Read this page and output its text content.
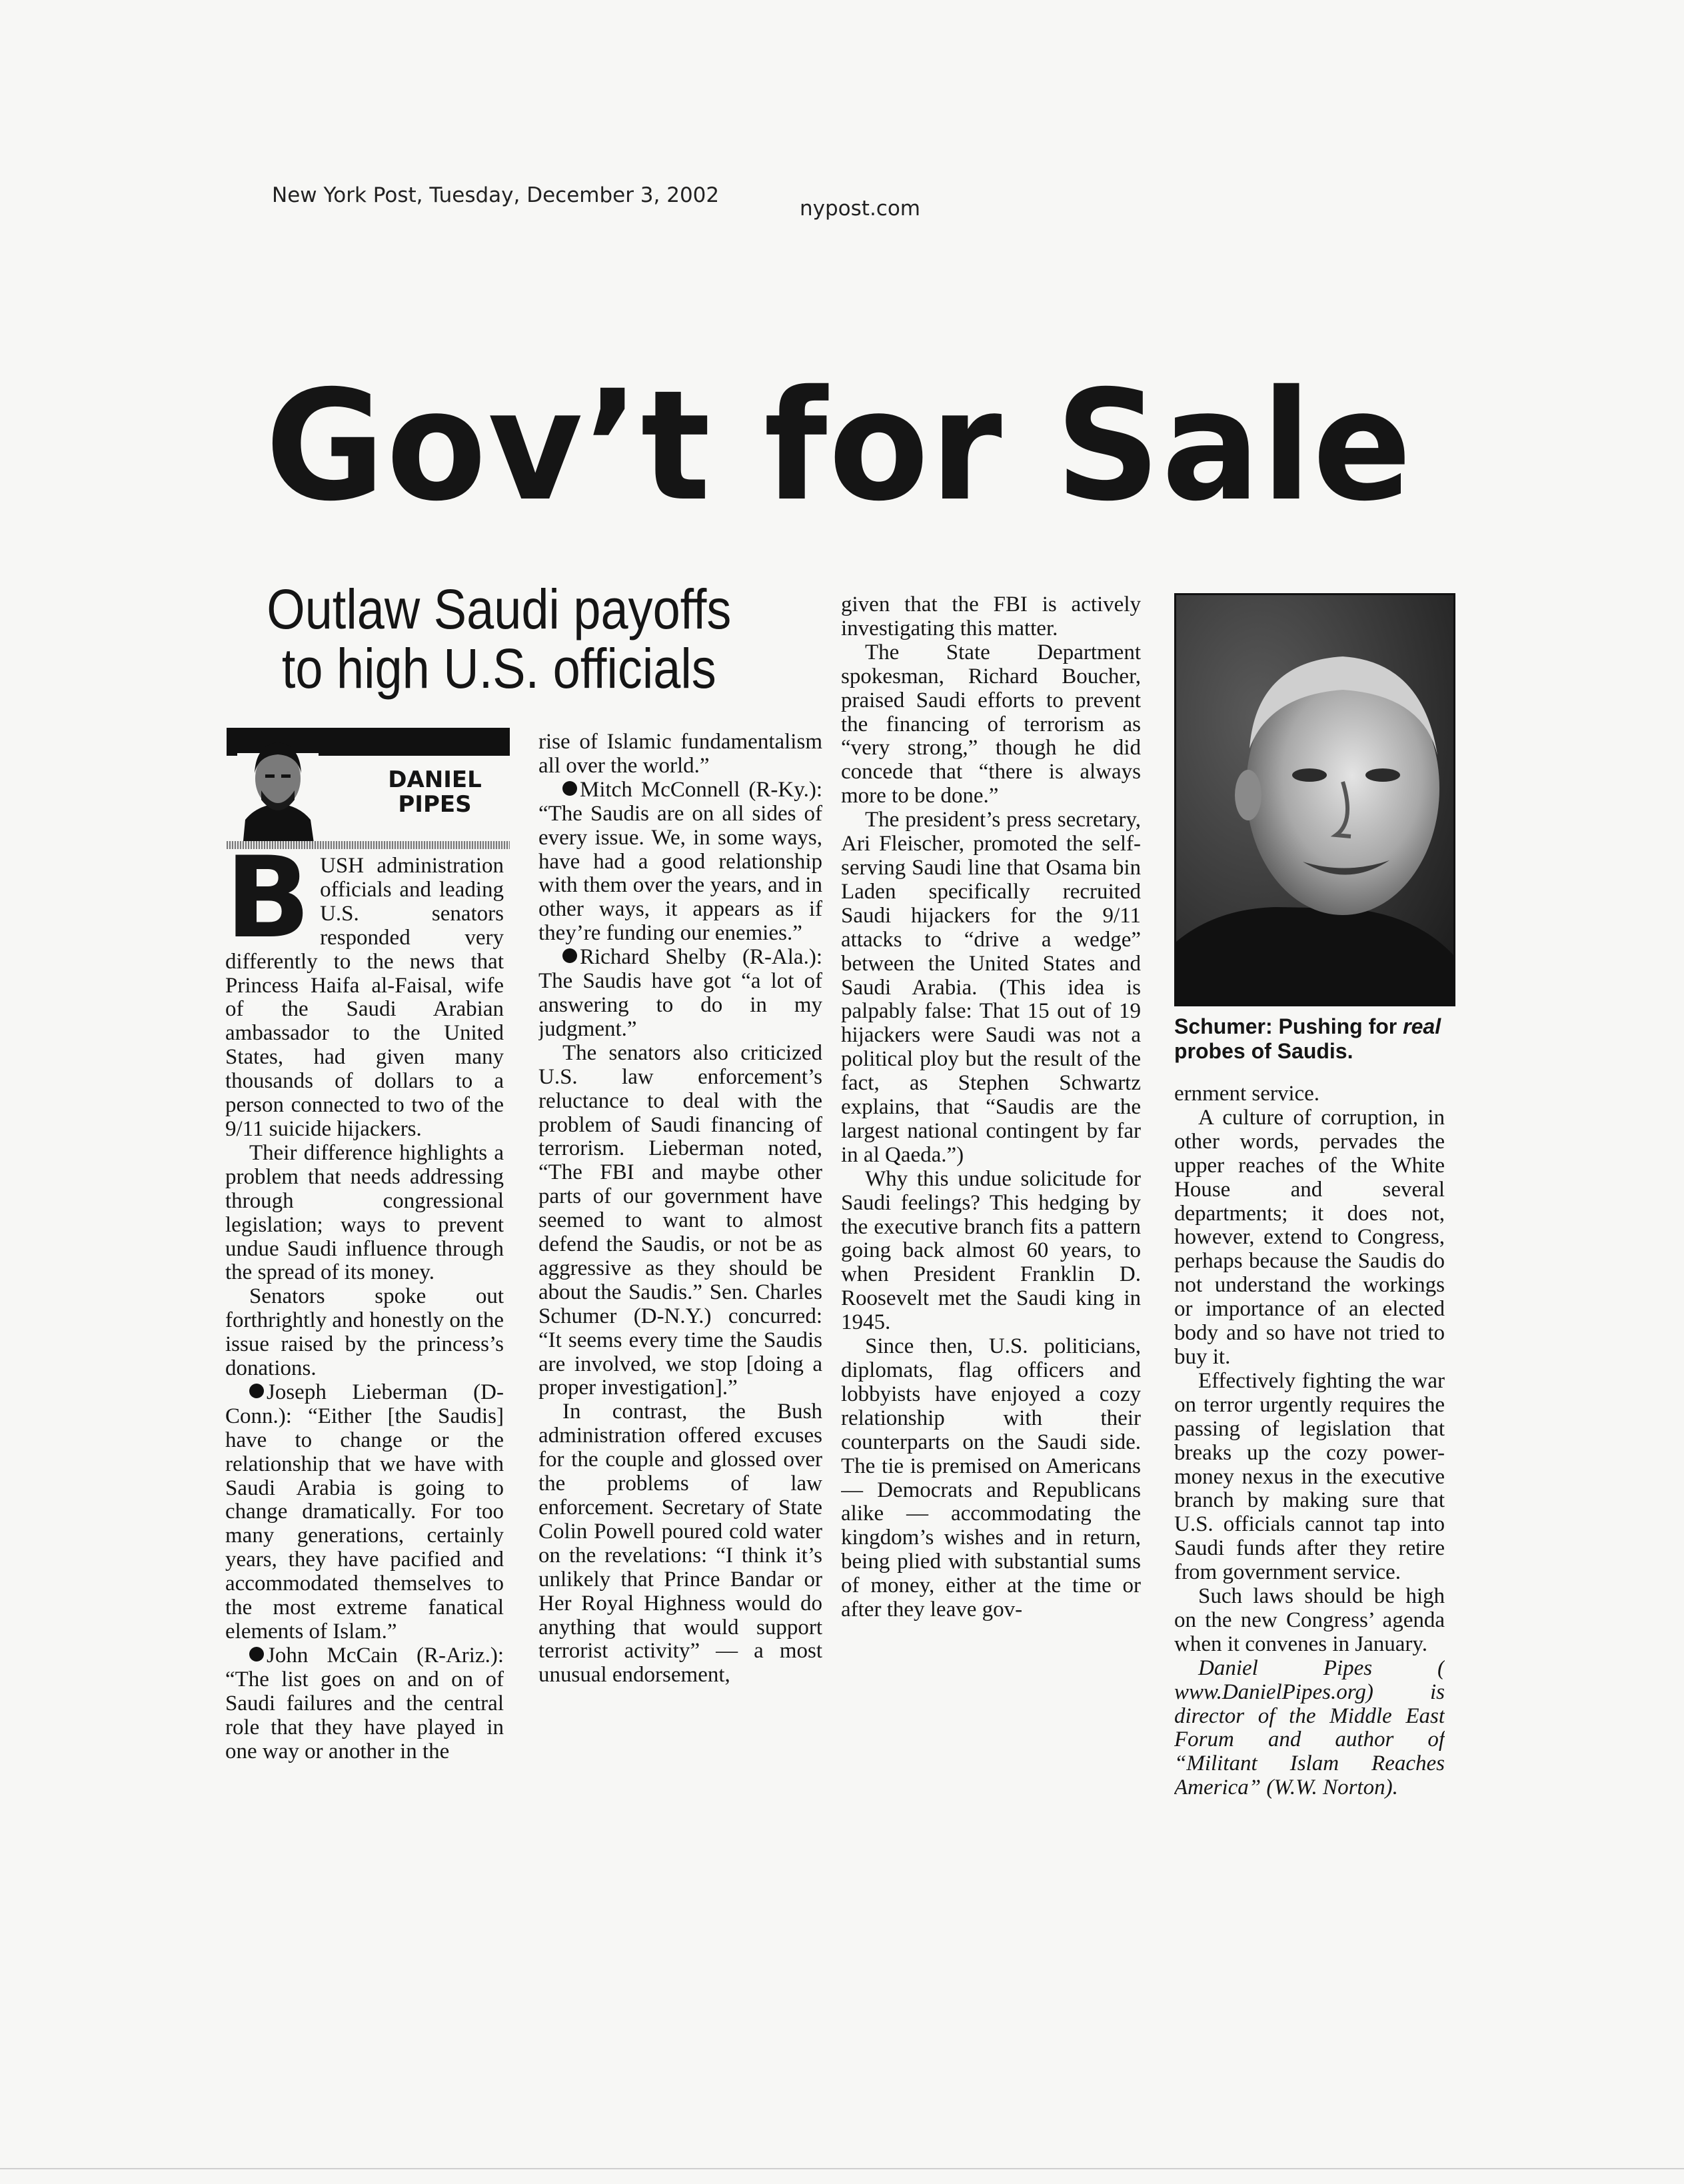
New York Post, Tuesday, December 3, 2002
nypost.com
Gov’t for Sale
Outlaw Saudi payoffs
to high U.S. officials
DANIEL
PIPES

BUSH administration officials and leading U.S. senators responded very differently to the news that Princess Haifa al-Faisal, wife of the Saudi Arabian ambassador to the United States, had given many thousands of dollars to a person connected to two of the 9/11 suicide hijackers.

Their difference highlights a problem that needs addressing through congressional legislation; ways to prevent undue Saudi influence through the spread of its money.

Senators spoke out forthrightly and honestly on the issue raised by the princess’s donations.

Joseph Lieberman (D-Conn.): “Either [the Saudis] have to change or the relationship that we have with Saudi Arabia is going to change dramatically. For too many generations, certainly years, they have pacified and accommodated themselves to the most extreme fanatical elements of Islam.”

John McCain (R-Ariz.): “The list goes on and on of Saudi failures and the central role that they have played in one way or another in the

rise of Islamic fundamentalism all over the world.”

Mitch McConnell (R-Ky.): “The Saudis are on all sides of every issue. We, in some ways, have had a good relationship with them over the years, and in other ways, it appears as if they’re funding our enemies.”

Richard Shelby (R-Ala.): The Saudis have got “a lot of answering to do in my judgment.”

The senators also criticized U.S. law enforcement’s reluctance to deal with the problem of Saudi financing of terrorism. Lieberman noted, “The FBI and maybe other parts of our government have seemed to want to almost defend the Saudis, or not be as aggressive as they should be about the Saudis.” Sen. Charles Schumer (D-N.Y.) concurred: “It seems every time the Saudis are involved, we stop [doing a proper investigation].”

In contrast, the Bush administration offered excuses for the couple and glossed over the problems of law enforcement. Secretary of State Colin Powell poured cold water on the revelations: “I think it’s unlikely that Prince Bandar or Her Royal Highness would do anything that would support terrorist activity” — a most unusual endorsement,

given that the FBI is actively investigating this matter.

The State Department spokesman, Richard Boucher, praised Saudi efforts to prevent the financing of terrorism as “very strong,” though he did concede that “there is always more to be done.”

The president’s press secretary, Ari Fleischer, promoted the self-serving Saudi line that Osama bin Laden specifically recruited Saudi hijackers for the 9/11 attacks to “drive a wedge” between the United States and Saudi Arabia. (This idea is palpably false: That 15 out of 19 hijackers were Saudi was not a political ploy but the result of the fact, as Stephen Schwartz explains, that “Saudis are the largest national contingent by far in al Qaeda.”)

Why this undue solicitude for Saudi feelings? This hedging by the executive branch fits a pattern going back almost 60 years, to when President Franklin D. Roosevelt met the Saudi king in 1945.

Since then, U.S. politicians, diplomats, flag officers and lobbyists have enjoyed a cozy relationship with their counterparts on the Saudi side. The tie is premised on Americans — Democrats and Republicans alike — accommodating the kingdom’s wishes and in return, being plied with substantial sums of money, either at the time or after they leave gov-

Schumer: Pushing for real
probes of Saudis.

ernment service.

A culture of corruption, in other words, pervades the upper reaches of the White House and several departments; it does not, however, extend to Congress, perhaps because the Saudis do not understand the workings or importance of an elected body and so have not tried to buy it.

Effectively fighting the war on terror urgently requires the passing of legislation that breaks up the cozy power-money nexus in the executive branch by making sure that U.S. officials cannot tap into Saudi funds after they retire from government service.

Such laws should be high on the new Congress’ agenda when it convenes in January.

Daniel Pipes ( www.DanielPipes.org) is director of the Middle East Forum and author of “Militant Islam Reaches America” (W.W. Norton).
